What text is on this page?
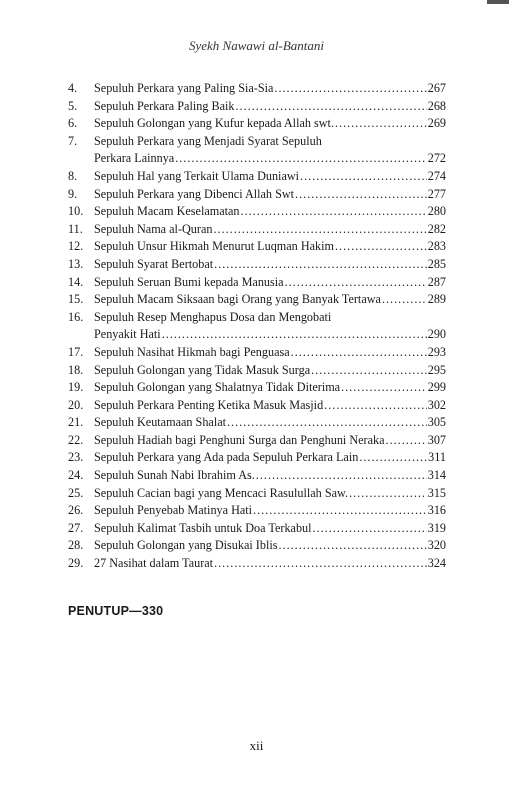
Syekh Nawawi al-Bantani
4.	Sepuluh Perkara yang Paling Sia-Sia .....	267
5.	Sepuluh Perkara Paling Baik .....	268
6.	Sepuluh Golongan yang Kufur kepada Allah swt. .....	269
7.	Sepuluh Perkara yang Menjadi Syarat Sepuluh
Perkara Lainnya .....	272
8.	Sepuluh Hal yang Terkait Ulama Duniawi .....	274
9.	Sepuluh Perkara yang Dibenci Allah Swt .....	277
10. Sepuluh Macam Keselamatan .....	280
11. Sepuluh Nama al-Quran .....	282
12. Sepuluh Unsur Hikmah Menurut Luqman Hakim .....	283
13. Sepuluh Syarat Bertobat .....	285
14. Sepuluh Seruan Bumi kepada Manusia .....	287
15. Sepuluh Macam Siksaan bagi Orang yang Banyak Tertawa .....	289
16. Sepuluh Resep Menghapus Dosa dan Mengobati
Penyakit Hati .....	290
17. Sepuluh Nasihat Hikmah bagi Penguasa .....	293
18. Sepuluh Golongan yang Tidak Masuk Surga .....	295
19. Sepuluh Golongan yang Shalatnya Tidak Diterima .....	299
20. Sepuluh Perkara Penting Ketika Masuk Masjid .....	302
21. Sepuluh Keutamaan Shalat .....	305
22. Sepuluh Hadiah bagi Penghuni Surga dan Penghuni Neraka .....	307
23. Sepuluh Perkara yang Ada pada Sepuluh Perkara Lain .....	311
24. Sepuluh Sunah Nabi Ibrahim As. .....	314
25. Sepuluh Cacian bagi yang Mencaci Rasulullah Saw. .....	315
26. Sepuluh Penyebab Matinya Hati .....	316
27. Sepuluh Kalimat Tasbih untuk Doa Terkabul .....	319
28. Sepuluh Golongan yang Disukai Iblis .....	320
29. 27 Nasihat dalam Taurat .....	324
PENUTUP—330
xii
